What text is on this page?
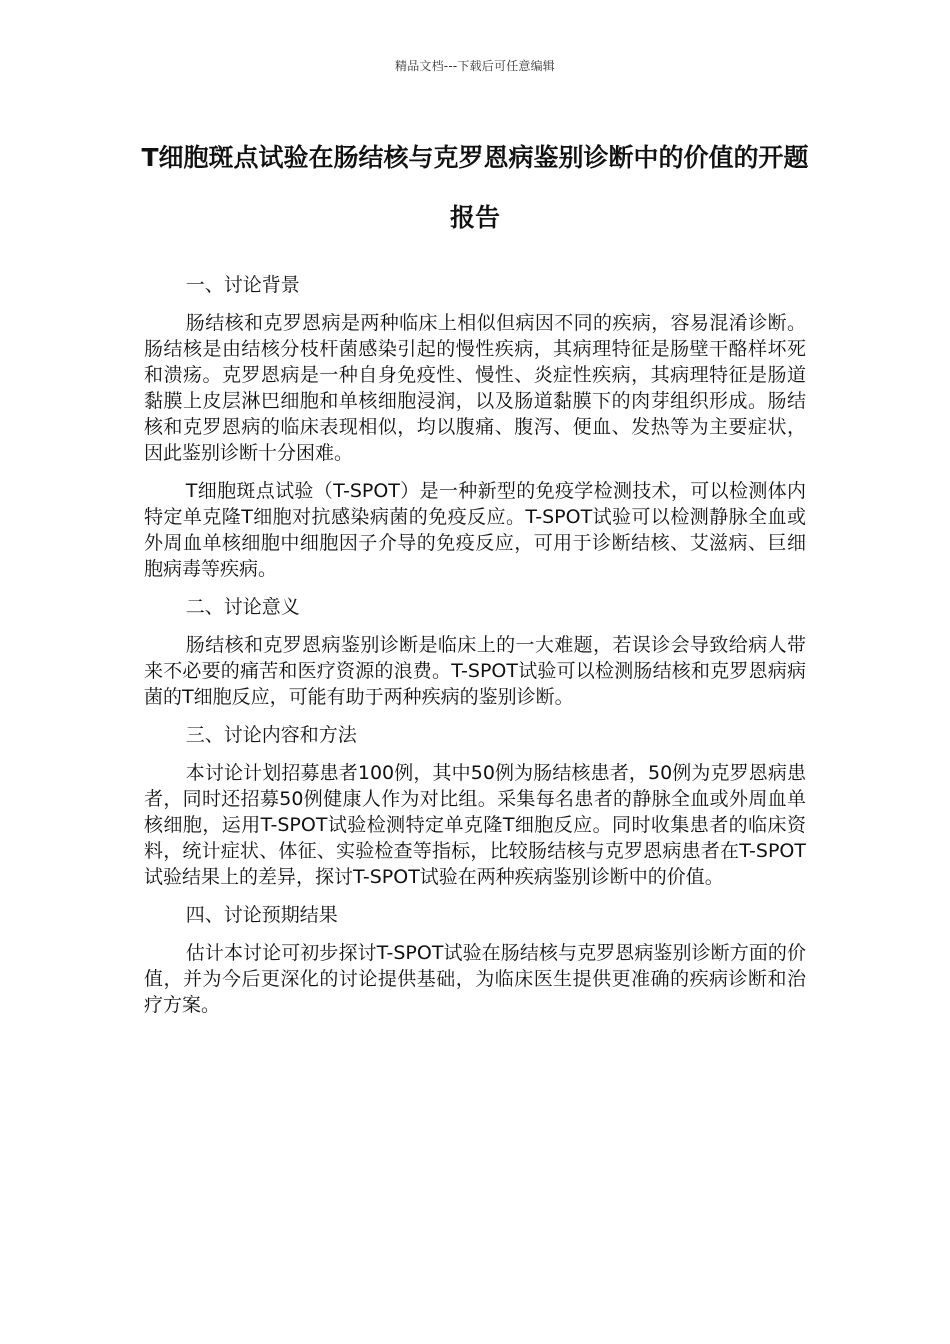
精品文档---下载后可任意编辑
T细胞斑点试验在肠结核与克罗恩病鉴别诊断中的价值的开题报告

一、讨论背景

肠结核和克罗恩病是两种临床上相似但病因不同的疾病，容易混淆诊断。肠结核是由结核分枝杆菌感染引起的慢性疾病，其病理特征是肠壁干酪样坏死和溃疡。克罗恩病是一种自身免疫性、慢性、炎症性疾病，其病理特征是肠道黏膜上皮层淋巴细胞和单核细胞浸润，以及肠道黏膜下的肉芽组织形成。肠结核和克罗恩病的临床表现相似，均以腹痛、腹泻、便血、发热等为主要症状，因此鉴别诊断十分困难。

T细胞斑点试验（T-SPOT）是一种新型的免疫学检测技术，可以检测体内特定单克隆T细胞对抗感染病菌的免疫反应。T-SPOT试验可以检测静脉全血或外周血单核细胞中细胞因子介导的免疫反应，可用于诊断结核、艾滋病、巨细胞病毒等疾病。

二、讨论意义

肠结核和克罗恩病鉴别诊断是临床上的一大难题，若误诊会导致给病人带来不必要的痛苦和医疗资源的浪费。T-SPOT试验可以检测肠结核和克罗恩病病菌的T细胞反应，可能有助于两种疾病的鉴别诊断。

三、讨论内容和方法

本讨论计划招募患者100例，其中50例为肠结核患者，50例为克罗恩病患者，同时还招募50例健康人作为对比组。采集每名患者的静脉全血或外周血单核细胞，运用T-SPOT试验检测特定单克隆T细胞反应。同时收集患者的临床资料，统计症状、体征、实验检查等指标，比较肠结核与克罗恩病患者在T-SPOT试验结果上的差异，探讨T-SPOT试验在两种疾病鉴别诊断中的价值。

四、讨论预期结果

估计本讨论可初步探讨T-SPOT试验在肠结核与克罗恩病鉴别诊断方面的价值，并为今后更深化的讨论提供基础，为临床医生提供更准确的疾病诊断和治疗方案。
